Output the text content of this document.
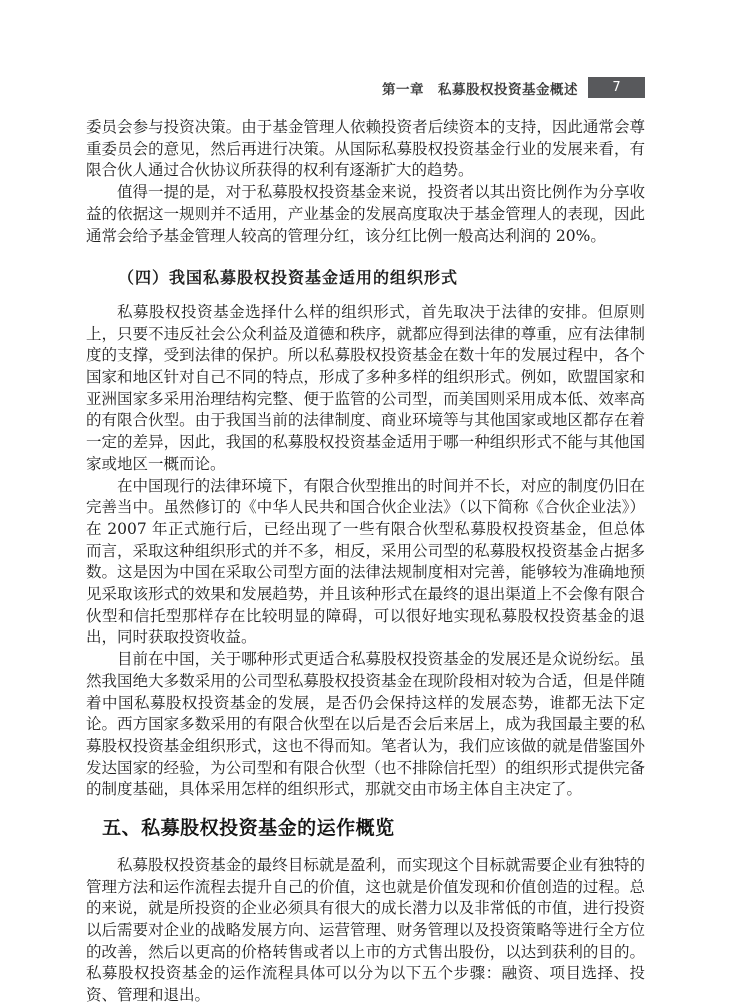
第一章　私募股权投资基金概述	7

委员会参与投资决策。由于基金管理人依赖投资者后续资本的支持，因此通常会尊重委员会的意见，然后再进行决策。从国际私募股权投资基金行业的发展来看，有限合伙人通过合伙协议所获得的权利有逐渐扩大的趋势。

值得一提的是，对于私募股权投资基金来说，投资者以其出资比例作为分享收益的依据这一规则并不适用，产业基金的发展高度取决于基金管理人的表现，因此通常会给予基金管理人较高的管理分红，该分红比例一般高达利润的 20%。

（四）我国私募股权投资基金适用的组织形式

私募股权投资基金选择什么样的组织形式，首先取决于法律的安排。但原则上，只要不违反社会公众利益及道德和秩序，就都应得到法律的尊重，应有法律制度的支撑，受到法律的保护。所以私募股权投资基金在数十年的发展过程中，各个国家和地区针对自己不同的特点，形成了多种多样的组织形式。例如，欧盟国家和亚洲国家多采用治理结构完整、便于监管的公司型，而美国则采用成本低、效率高的有限合伙型。由于我国当前的法律制度、商业环境等与其他国家或地区都存在着一定的差异，因此，我国的私募股权投资基金适用于哪一种组织形式不能与其他国家或地区一概而论。

在中国现行的法律环境下，有限合伙型推出的时间并不长，对应的制度仍旧在完善当中。虽然修订的《中华人民共和国合伙企业法》（以下简称《合伙企业法》）在 2007 年正式施行后，已经出现了一些有限合伙型私募股权投资基金，但总体而言，采取这种组织形式的并不多，相反，采用公司型的私募股权投资基金占据多数。这是因为中国在采取公司型方面的法律法规制度相对完善，能够较为准确地预见采取该形式的效果和发展趋势，并且该种形式在最终的退出渠道上不会像有限合伙型和信托型那样存在比较明显的障碍，可以很好地实现私募股权投资基金的退出，同时获取投资收益。

目前在中国，关于哪种形式更适合私募股权投资基金的发展还是众说纷纭。虽然我国绝大多数采用的公司型私募股权投资基金在现阶段相对较为合适，但是伴随着中国私募股权投资基金的发展，是否仍会保持这样的发展态势，谁都无法下定论。西方国家多数采用的有限合伙型在以后是否会后来居上，成为我国最主要的私募股权投资基金组织形式，这也不得而知。笔者认为，我们应该做的就是借鉴国外发达国家的经验，为公司型和有限合伙型（也不排除信托型）的组织形式提供完备的制度基础，具体采用怎样的组织形式，那就交由市场主体自主决定了。

五、私募股权投资基金的运作概览

私募股权投资基金的最终目标就是盈利，而实现这个目标就需要企业有独特的管理方法和运作流程去提升自己的价值，这也就是价值发现和价值创造的过程。总的来说，就是所投资的企业必须具有很大的成长潜力以及非常低的市值，进行投资以后需要对企业的战略发展方向、运营管理、财务管理以及投资策略等进行全方位的改善，然后以更高的价格转售或者以上市的方式售出股份，以达到获利的目的。私募股权投资基金的运作流程具体可以分为以下五个步骤：融资、项目选择、投资、管理和退出。
